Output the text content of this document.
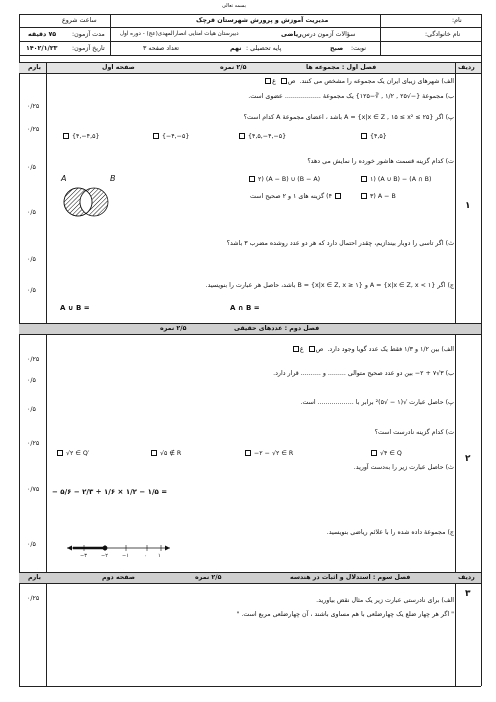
بسمه تعالی
نام:
نام خانوادگی:
مدیریت آموزش و پرورش شهرستان قرچک
دبیرستان هیات امنایی انصارالمهدی(عج) - دوره اول	سؤالات آزمون درس
ریاضی
نوبت:
صبح
پایه تحصیلی :
نهم
تعداد صفحه ۳
ساعت شروع
مدت آزمون:
۷۵ دقیقه
تاریخ آزمون:
۱۴۰۲/۱/۲۳
ردیف
بارم	فصل اول : مجموعه ها
۲/۵ نمره
صفحه اول
الف) شهرهای زیبای ایران یک مجموعه را مشخص می کنند.  ص  غ
ب) مجموعهٔ {−√۲۵ , ۱/۲ , ∛−۱۲۵} یک مجموعهٔ .................. عضوی است.
پ) اگر A = {x|x ∈ Z , ۱۵ ≤ x² ≤ ۲۵} باشد ، اعضای مجموعهٔ A کدام است؟
{۴,−۴,۵}	{−۴,−۵}	{۴,۵,−۴,−۵}	{۴,۵}
ت) کدام گزینه قسمت هاشور خورده را نمایش می دهد؟
A	B	۱) (A ∪ B) − (A ∩ B)
۲) (A − B) ∪ (B − A)
۳) A − B
۴) گزینه های ۱ و ۲ صحیح است
ث) اگر تاسی را دوبار بیندازیم، چقدر احتمال دارد که هر دو عدد روشده مضرب ۳ باشد؟
ج) اگر A = {x|x ∈ Z, x < ۱} و B = {x|x ∈ Z, x ≥ ۱} باشد، حاصل هر عبارت را بنویسید.
A ∩ B =
A ∪ B =
۱
۰/۲۵
۰/۲۵
۰/۵
۰/۵
۰/۵
۰/۵
فصل دوم : عددهای حقیقی
۲/۵ نمره
الف) بین ۱/۲ و ۱/۳ فقط یک عدد گویا وجود دارد.  ص  غ
ب) ۳√۷ + ۲− بین دو عدد صحیح متوالی ......... و .......... قرار دارد.
پ) حاصل عبارت √(۱ − √۵)² برابر با .................. است.
ت) کدام گزینه نادرست است؟
√۲ ∈ Q′	√۵ ∉ R	−۲ − √۲ ∈ R	√۴ ∈ Q
ث) حاصل عبارت زیر را به‌دست آورید.
− ۵/۶ − ۲/۳ ÷ ۱/۶ × ۱/۲ − ۱/۵ =
ج) مجموعهٔ داده شده را با علائم ریاضی بنویسید.
۱
۰
۱−
۲−
۳−
۲
۰/۲۵
۰/۵
۰/۵
۰/۲۵
۰/۷۵
۰/۵
ردیف
بارم	فصل سوم : استدلال و اثبات در هندسه
۲/۵ نمره
صفحه دوم
الف) برای نادرستی عبارت زیر یک مثال نقض بیاورید.
" اگر هر چهار ضلع یک چهارضلعی با هم مساوی باشند ، آن چهارضلعی مربع است. "
۳
۰/۲۵
